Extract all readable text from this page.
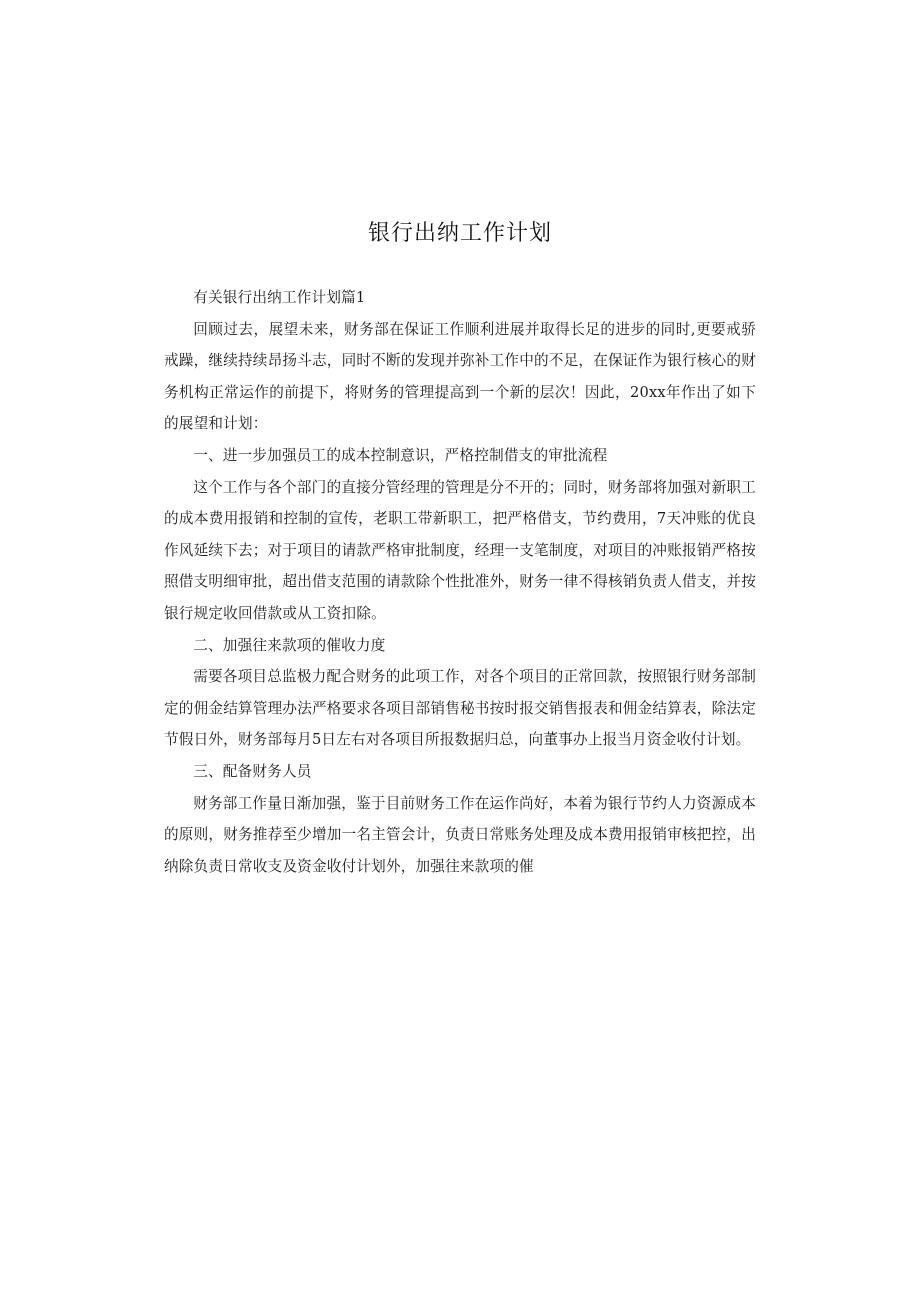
银行出纳工作计划

有关银行出纳工作计划篇1

回顾过去，展望未来，财务部在保证工作顺利进展并取得长足的进步的同时,更要戒骄戒躁，继续持续昂扬斗志，同时不断的发现并弥补工作中的不足，在保证作为银行核心的财务机构正常运作的前提下，将财务的管理提高到一个新的层次！因此，20xx年作出了如下的展望和计划：

一、进一步加强员工的成本控制意识，严格控制借支的审批流程

这个工作与各个部门的直接分管经理的管理是分不开的；同时，财务部将加强对新职工的成本费用报销和控制的宣传，老职工带新职工，把严格借支，节约费用，7天冲账的优良作风延续下去；对于项目的请款严格审批制度，经理一支笔制度，对项目的冲账报销严格按照借支明细审批，超出借支范围的请款除个性批准外，财务一律不得核销负责人借支，并按银行规定收回借款或从工资扣除。

二、加强往来款项的催收力度

需要各项目总监极力配合财务的此项工作，对各个项目的正常回款，按照银行财务部制定的佣金结算管理办法严格要求各项目部销售秘书按时报交销售报表和佣金结算表，除法定节假日外，财务部每月5日左右对各项目所报数据归总，向董事办上报当月资金收付计划。

三、配备财务人员

财务部工作量日渐加强，鉴于目前财务工作在运作尚好，本着为银行节约人力资源成本的原则，财务推荐至少增加一名主管会计，负责日常账务处理及成本费用报销审核把控，出纳除负责日常收支及资金收付计划外，加强往来款项的催
